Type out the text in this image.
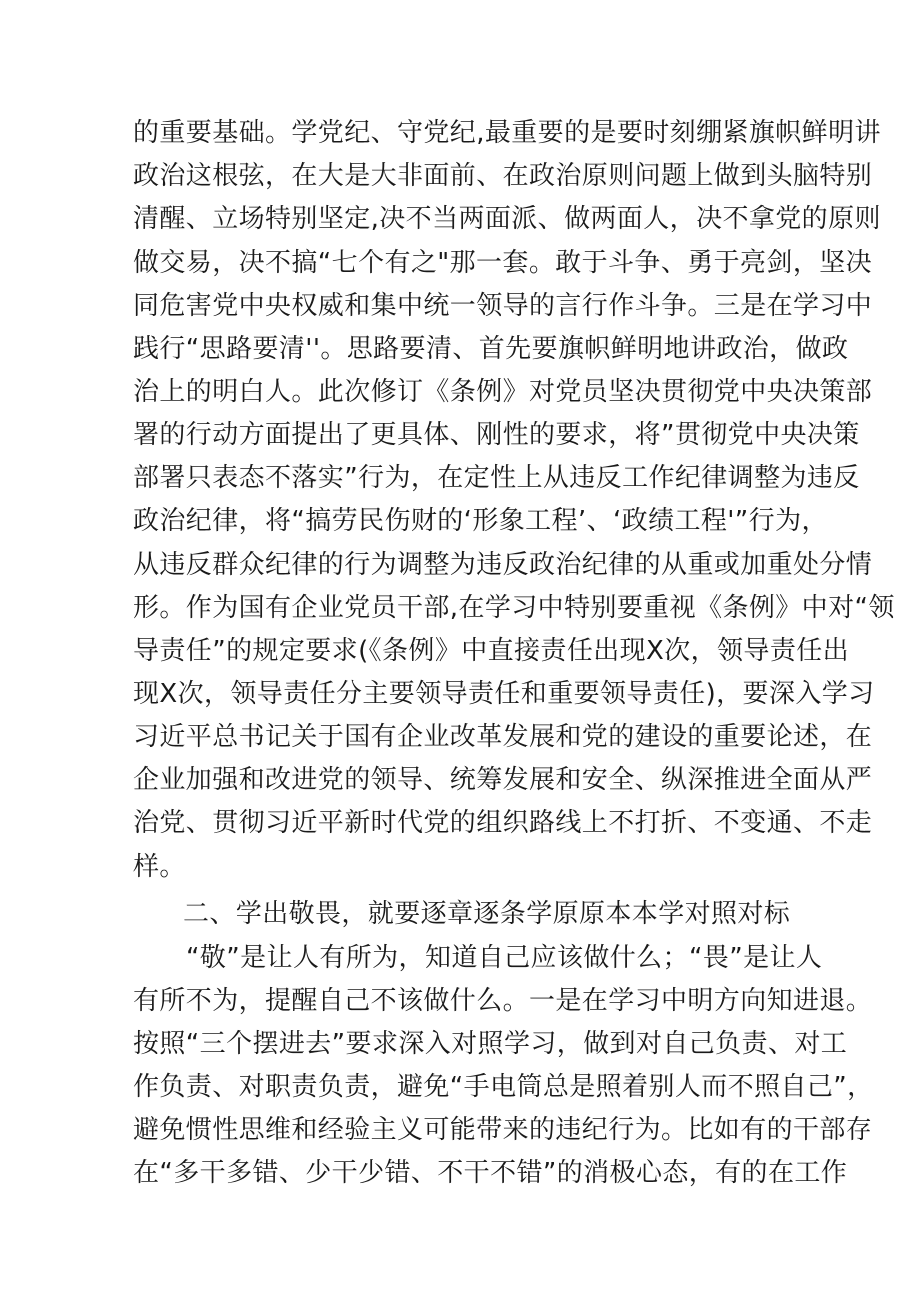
的重要基础。学党纪、守党纪,最重要的是要时刻绷紧旗帜鲜明讲
政治这根弦，在大是大非面前、在政治原则问题上做到头脑特别
清醒、立场特别坚定,决不当两面派、做两面人，决不拿党的原则
做交易，决不搞“七个有之"那一套。敢于斗争、勇于亮剑，坚决
同危害党中央权威和集中统一领导的言行作斗争。三是在学习中
践行“思路要清''。思路要清、首先要旗帜鲜明地讲政治，做政
治上的明白人。此次修订《条例》对党员坚决贯彻党中央决策部
署的行动方面提出了更具体、刚性的要求，将”贯彻党中央决策
部署只表态不落实”行为，在定性上从违反工作纪律调整为违反
政治纪律，将“搞劳民伤财的‘形象工程’、‘政绩工程'”行为，
从违反群众纪律的行为调整为违反政治纪律的从重或加重处分情
形。作为国有企业党员干部,在学习中特别要重视《条例》中对“领
导责任”的规定要求(《条例》中直接责任出现X次，领导责任出
现X次，领导责任分主要领导责任和重要领导责任)，要深入学习
习近平总书记关于国有企业改革发展和党的建设的重要论述，在
企业加强和改进党的领导、统筹发展和安全、纵深推进全面从严
治党、贯彻习近平新时代党的组织路线上不打折、不变通、不走
样。
二、学出敬畏，就要逐章逐条学原原本本学对照对标
“敬”是让人有所为，知道自己应该做什么；“畏”是让人
有所不为，提醒自己不该做什么。一是在学习中明方向知进退。
按照“三个摆进去”要求深入对照学习，做到对自己负责、对工
作负责、对职责负责，避免“手电筒总是照着别人而不照自己”，
避免惯性思维和经验主义可能带来的违纪行为。比如有的干部存
在“多干多错、少干少错、不干不错”的消极心态，有的在工作
